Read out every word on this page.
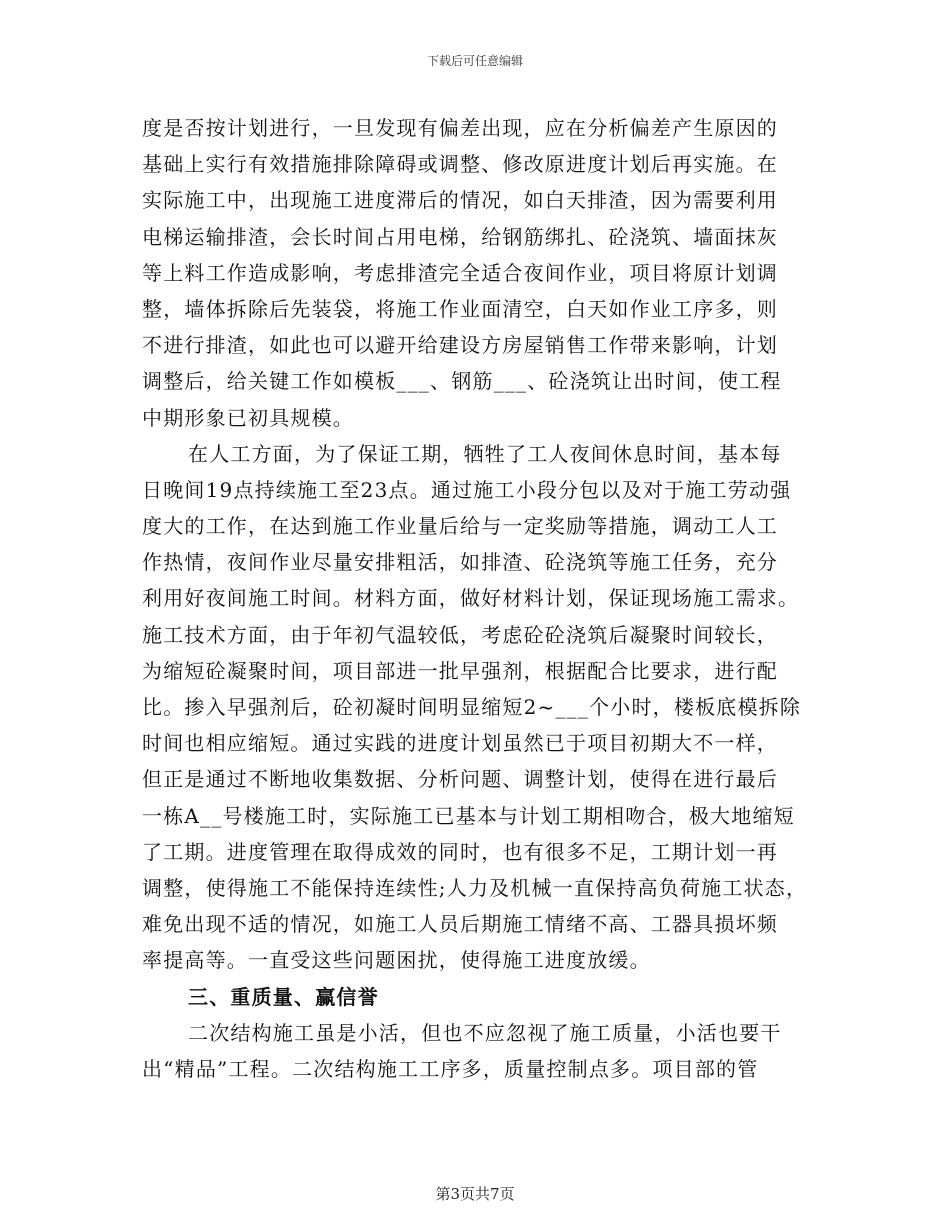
下载后可任意编辑
度是否按计划进行，一旦发现有偏差出现，应在分析偏差产生原因的
基础上实行有效措施排除障碍或调整、修改原进度计划后再实施。在
实际施工中，出现施工进度滞后的情况，如白天排渣，因为需要利用
电梯运输排渣，会长时间占用电梯，给钢筋绑扎、砼浇筑、墙面抹灰
等上料工作造成影响，考虑排渣完全适合夜间作业，项目将原计划调
整，墙体拆除后先装袋，将施工作业面清空，白天如作业工序多，则
不进行排渣，如此也可以避开给建设方房屋销售工作带来影响，计划
调整后，给关键工作如模板___、钢筋___、砼浇筑让出时间，使工程
中期形象已初具规模。
在人工方面，为了保证工期，牺牲了工人夜间休息时间，基本每
日晚间19点持续施工至23点。通过施工小段分包以及对于施工劳动强
度大的工作，在达到施工作业量后给与一定奖励等措施，调动工人工
作热情，夜间作业尽量安排粗活，如排渣、砼浇筑等施工任务，充分
利用好夜间施工时间。材料方面，做好材料计划，保证现场施工需求。
施工技术方面，由于年初气温较低，考虑砼砼浇筑后凝聚时间较长，
为缩短砼凝聚时间，项目部进一批早强剂，根据配合比要求，进行配
比。掺入早强剂后，砼初凝时间明显缩短2~___个小时，楼板底模拆除
时间也相应缩短。通过实践的进度计划虽然已于项目初期大不一样，
但正是通过不断地收集数据、分析问题、调整计划，使得在进行最后
一栋A__号楼施工时，实际施工已基本与计划工期相吻合，极大地缩短
了工期。进度管理在取得成效的同时，也有很多不足，工期计划一再
调整，使得施工不能保持连续性;人力及机械一直保持高负荷施工状态，
难免出现不适的情况，如施工人员后期施工情绪不高、工器具损坏频
率提高等。一直受这些问题困扰，使得施工进度放缓。
三、重质量、赢信誉
二次结构施工虽是小活，但也不应忽视了施工质量，小活也要干
出“精品”工程。二次结构施工工序多，质量控制点多。项目部的管
第3页共7页
